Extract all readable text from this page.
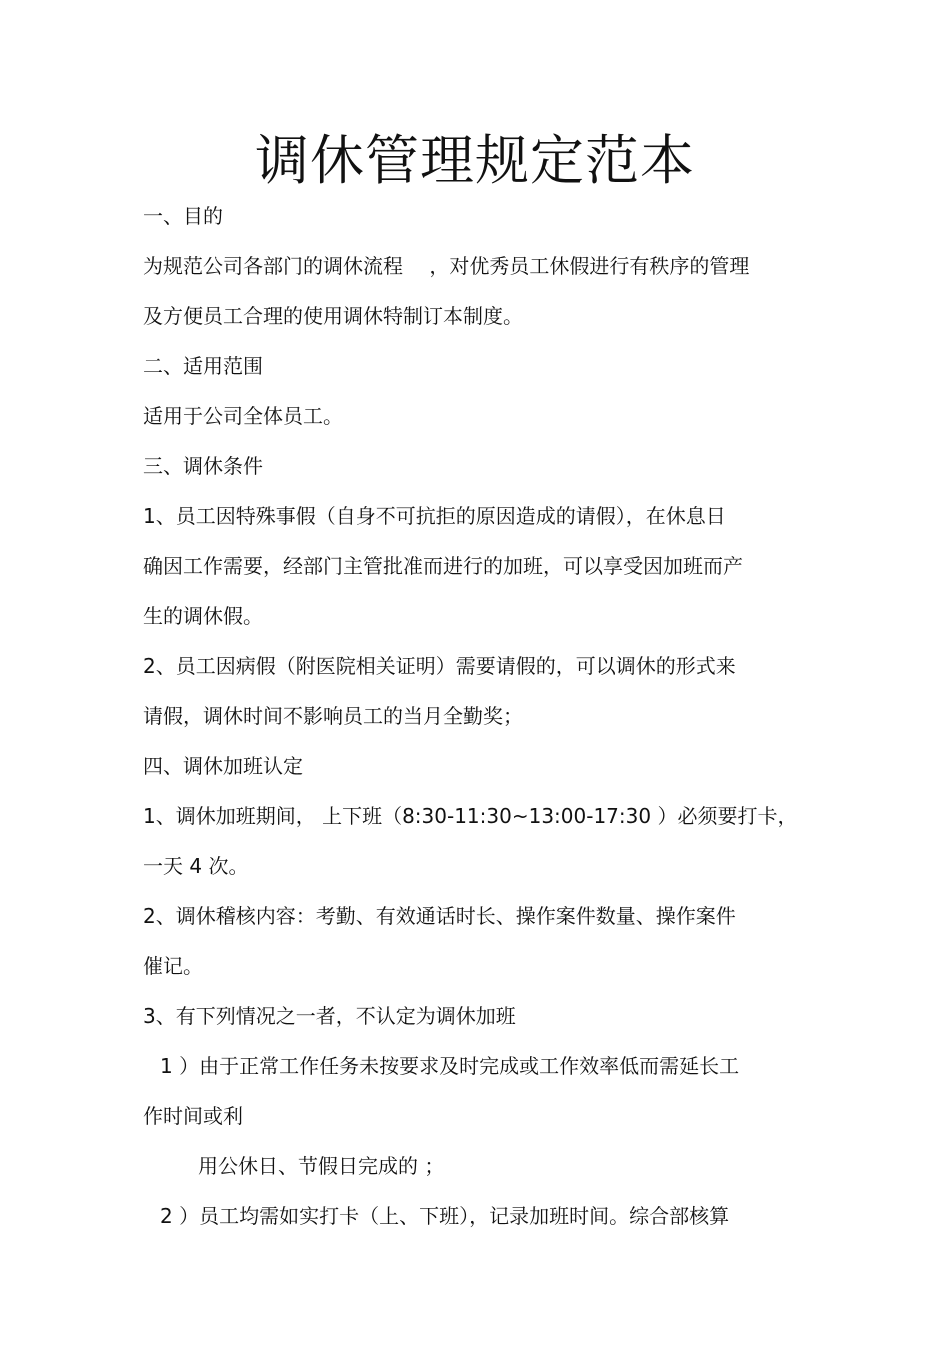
调休管理规定范本
一、目的
为规范公司各部门的调休流程　 ，对优秀员工休假进行有秩序的管理
及方便员工合理的使用调休特制订本制度。
二、适用范围
适用于公司全体员工。
三、调休条件
1、员工因特殊事假（自身不可抗拒的原因造成的请假），在休息日
确因工作需要，经部门主管批准而进行的加班，可以享受因加班而产
生的调休假。
2、员工因病假（附医院相关证明）需要请假的，可以调休的形式来
请假，调休时间不影响员工的当月全勤奖；
四、调休加班认定
1、调休加班期间， 上下班（8:30-11:30~13:00-17:30 ）必须要打卡，
一天 4 次。
2、调休稽核内容：考勤、有效通话时长、操作案件数量、操作案件
催记。
3、有下列情况之一者，不认定为调休加班
1 ）由于正常工作任务未按要求及时完成或工作效率低而需延长工
作时间或利
用公休日、节假日完成的 ；
2 ）员工均需如实打卡（上、下班），记录加班时间。综合部核算
